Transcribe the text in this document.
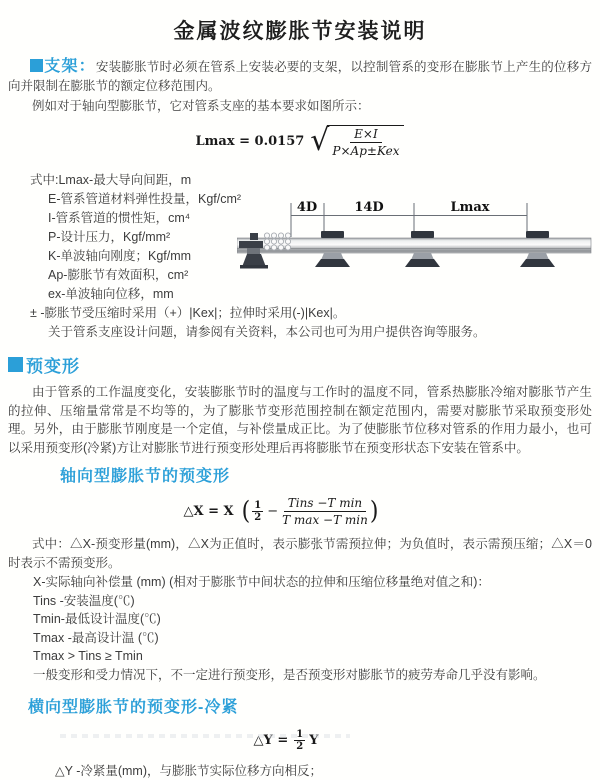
金属波纹膨胀节安装说明

支架：安装膨胀节时必须在管系上安装必要的支架，以控制管系的变形在膨胀节上产生的位移方向并限制在膨胀节的额定位移范围内。

例如对于轴向型膨胀节，它对管系支座的基本要求如图所示：

Lmax = 0.0157 √ $\frac{E\times I}{\text{P×Ap±Kex}}$
式中:Lmax-最大导向间距，m
E-管系管道材料弹性投量，Kgf/cm²
I-管系管道的惯性矩，cm⁴
P-设计压力，Kgf/mm²
K-单波轴向刚度；Kgf/mm
Ap-膨胀节有效面积，cm²
ex-单波轴向位移，mm
± -膨胀节受压缩时采用（+）|Kex|；拉伸时采用(-)|Kex|。
关于管系支座设计问题，请参阅有关资料，本公司也可为用户提供咨询等服务。
4D	14D	Lmax
预变形

由于管系的工作温度变化，安装膨胀节时的温度与工作时的温度不同，管系热膨胀冷缩对膨胀节产生的拉伸、压缩量常常是不均等的，为了膨胀节变形范围控制在额定范围内，需要对膨胀节采取预变形处理。另外，由于膨胀节刚度是一个定值，与补偿量成正比。为了使膨胀节位移对管系的作用力最小，也可以采用预变形(冷紧)方让对膨胀节进行预变形处理后再将膨胀节在预变形状态下安装在管系中。

轴向型膨胀节的预变形
△X = X ( $\frac{1}{2} - \frac{\text{Tins −T min}}{\text{T max −T min}}$ )

式中：△X-预变形量(mm)，△X为正值时，表示膨张节需预拉伸；为负值时，表示需预压缩；△X＝0时表示不需预变形。

X-实际轴向补偿量 (mm) (相对于膨胀节中间状态的拉伸和压缩位移量绝对值之和)：
Tins -安装温度(℃)
Tmin-最低设计温度(℃)
Tmax -最高设计温 (℃)
Tmax > Tins ≥ Tmin
一般变形和受力情况下，不一定进行预变形，是否预变形对膨胀节的疲劳寿命几乎没有影响。
横向型膨胀节的预变形-冷紧
△Y = $\frac{1}{2}$ Y

△Y -冷紧量(mm)，与膨胀节实际位移方向相反；
